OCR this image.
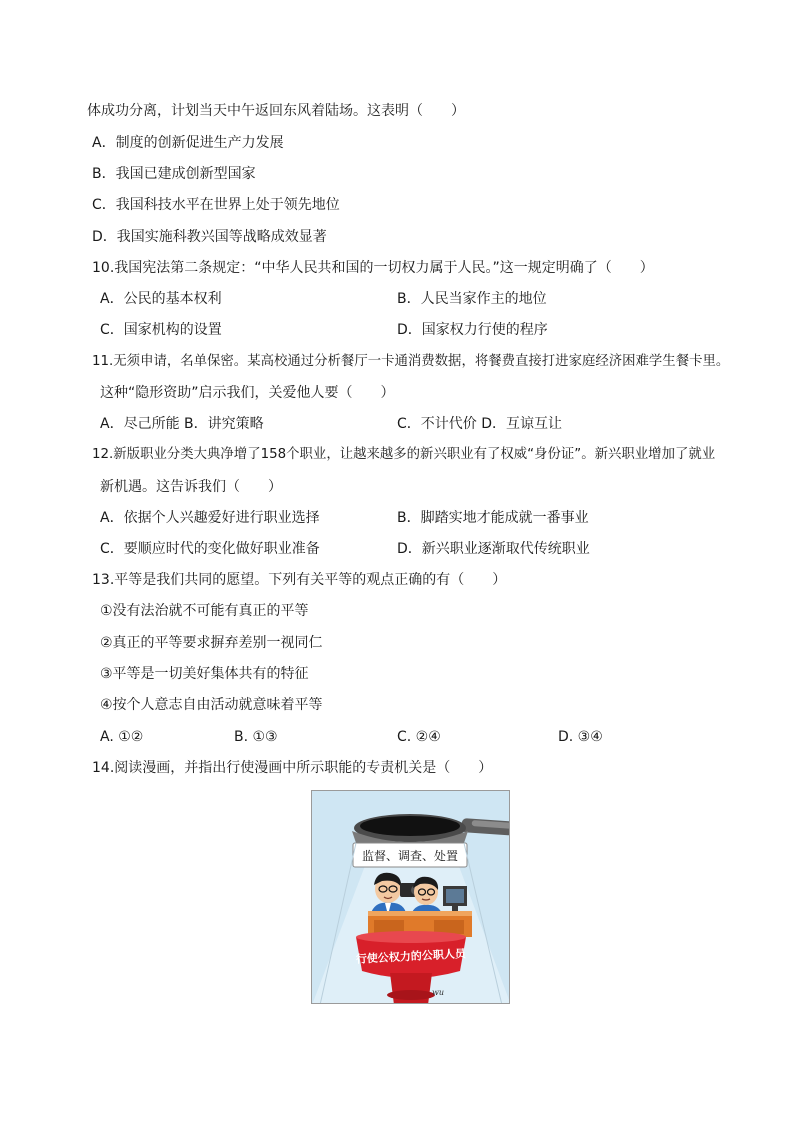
体成功分离，计划当天中午返回东风着陆场。这表明（　　）
A．制度的创新促进生产力发展
B．我国已建成创新型国家
C．我国科技水平在世界上处于领先地位
D．我国实施科教兴国等战略成效显著
10.我国宪法第二条规定：“中华人民共和国的一切权力属于人民。”这一规定明确了（　　）
A．公民的基本权利	B．人民当家作主的地位
C．国家机构的设置	D．国家权力行使的程序
11.无须申请，名单保密。某高校通过分析餐厅一卡通消费数据，将餐费直接打进家庭经济困难学生餐卡里。
这种“隐形资助”启示我们，关爱他人要（　　）
A．尽己所能 B．讲究策略	C．不计代价 D．互谅互让
12.新版职业分类大典净增了158个职业，让越来越多的新兴职业有了权威“身份证”。新兴职业增加了就业
新机遇。这告诉我们（　　）
A．依据个人兴趣爱好进行职业选择	B．脚踏实地才能成就一番事业
C．要顺应时代的变化做好职业准备	D．新兴职业逐渐取代传统职业
13.平等是我们共同的愿望。下列有关平等的观点正确的有（　　）
①没有法治就不可能有真正的平等
②真正的平等要求摒弃差别一视同仁
③平等是一切美好集体共有的特征
④按个人意志自由活动就意味着平等
A. ①②	B. ①③	C. ②④	D. ③④
14.阅读漫画，并指出行使漫画中所示职能的专责机关是（　　）
监督、调查、处置
行使公权力的公职人员
wu
